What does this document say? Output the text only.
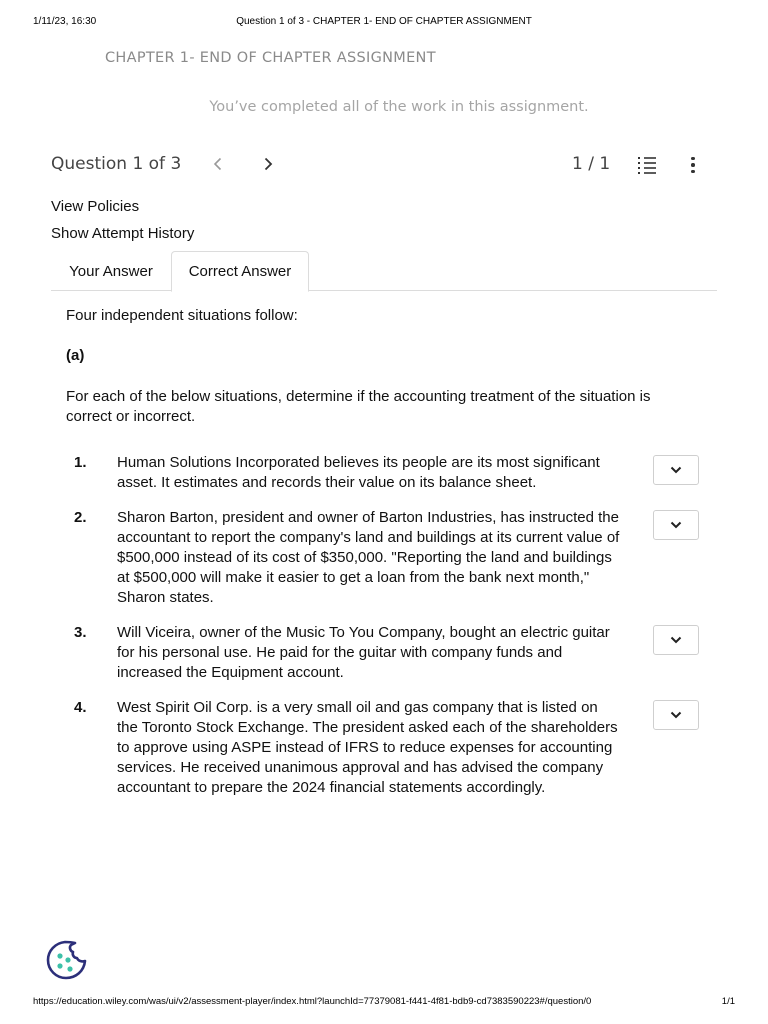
1/11/23, 16:30	Question 1 of 3 - CHAPTER 1- END OF CHAPTER ASSIGNMENT
CHAPTER 1- END OF CHAPTER ASSIGNMENT
You’ve completed all of the work in this assignment.
Question 1 of 3	1 / 1
View Policies
Show Attempt History
Your Answer	Correct Answer
Four independent situations follow:
(a)
For each of the below situations, determine if the accounting treatment of the situation is correct or incorrect.
1. Human Solutions Incorporated believes its people are its most significant asset. It estimates and records their value on its balance sheet.
2. Sharon Barton, president and owner of Barton Industries, has instructed the accountant to report the company's land and buildings at its current value of $500,000 instead of its cost of $350,000. "Reporting the land and buildings at $500,000 will make it easier to get a loan from the bank next month," Sharon states.
3. Will Viceira, owner of the Music To You Company, bought an electric guitar for his personal use. He paid for the guitar with company funds and increased the Equipment account.
4. West Spirit Oil Corp. is a very small oil and gas company that is listed on the Toronto Stock Exchange. The president asked each of the shareholders to approve using ASPE instead of IFRS to reduce expenses for accounting services. He received unanimous approval and has advised the company accountant to prepare the 2024 financial statements accordingly.
https://education.wiley.com/was/ui/v2/assessment-player/index.html?launchId=77379081-f441-4f81-bdb9-cd7383590223#/question/0	1/1
